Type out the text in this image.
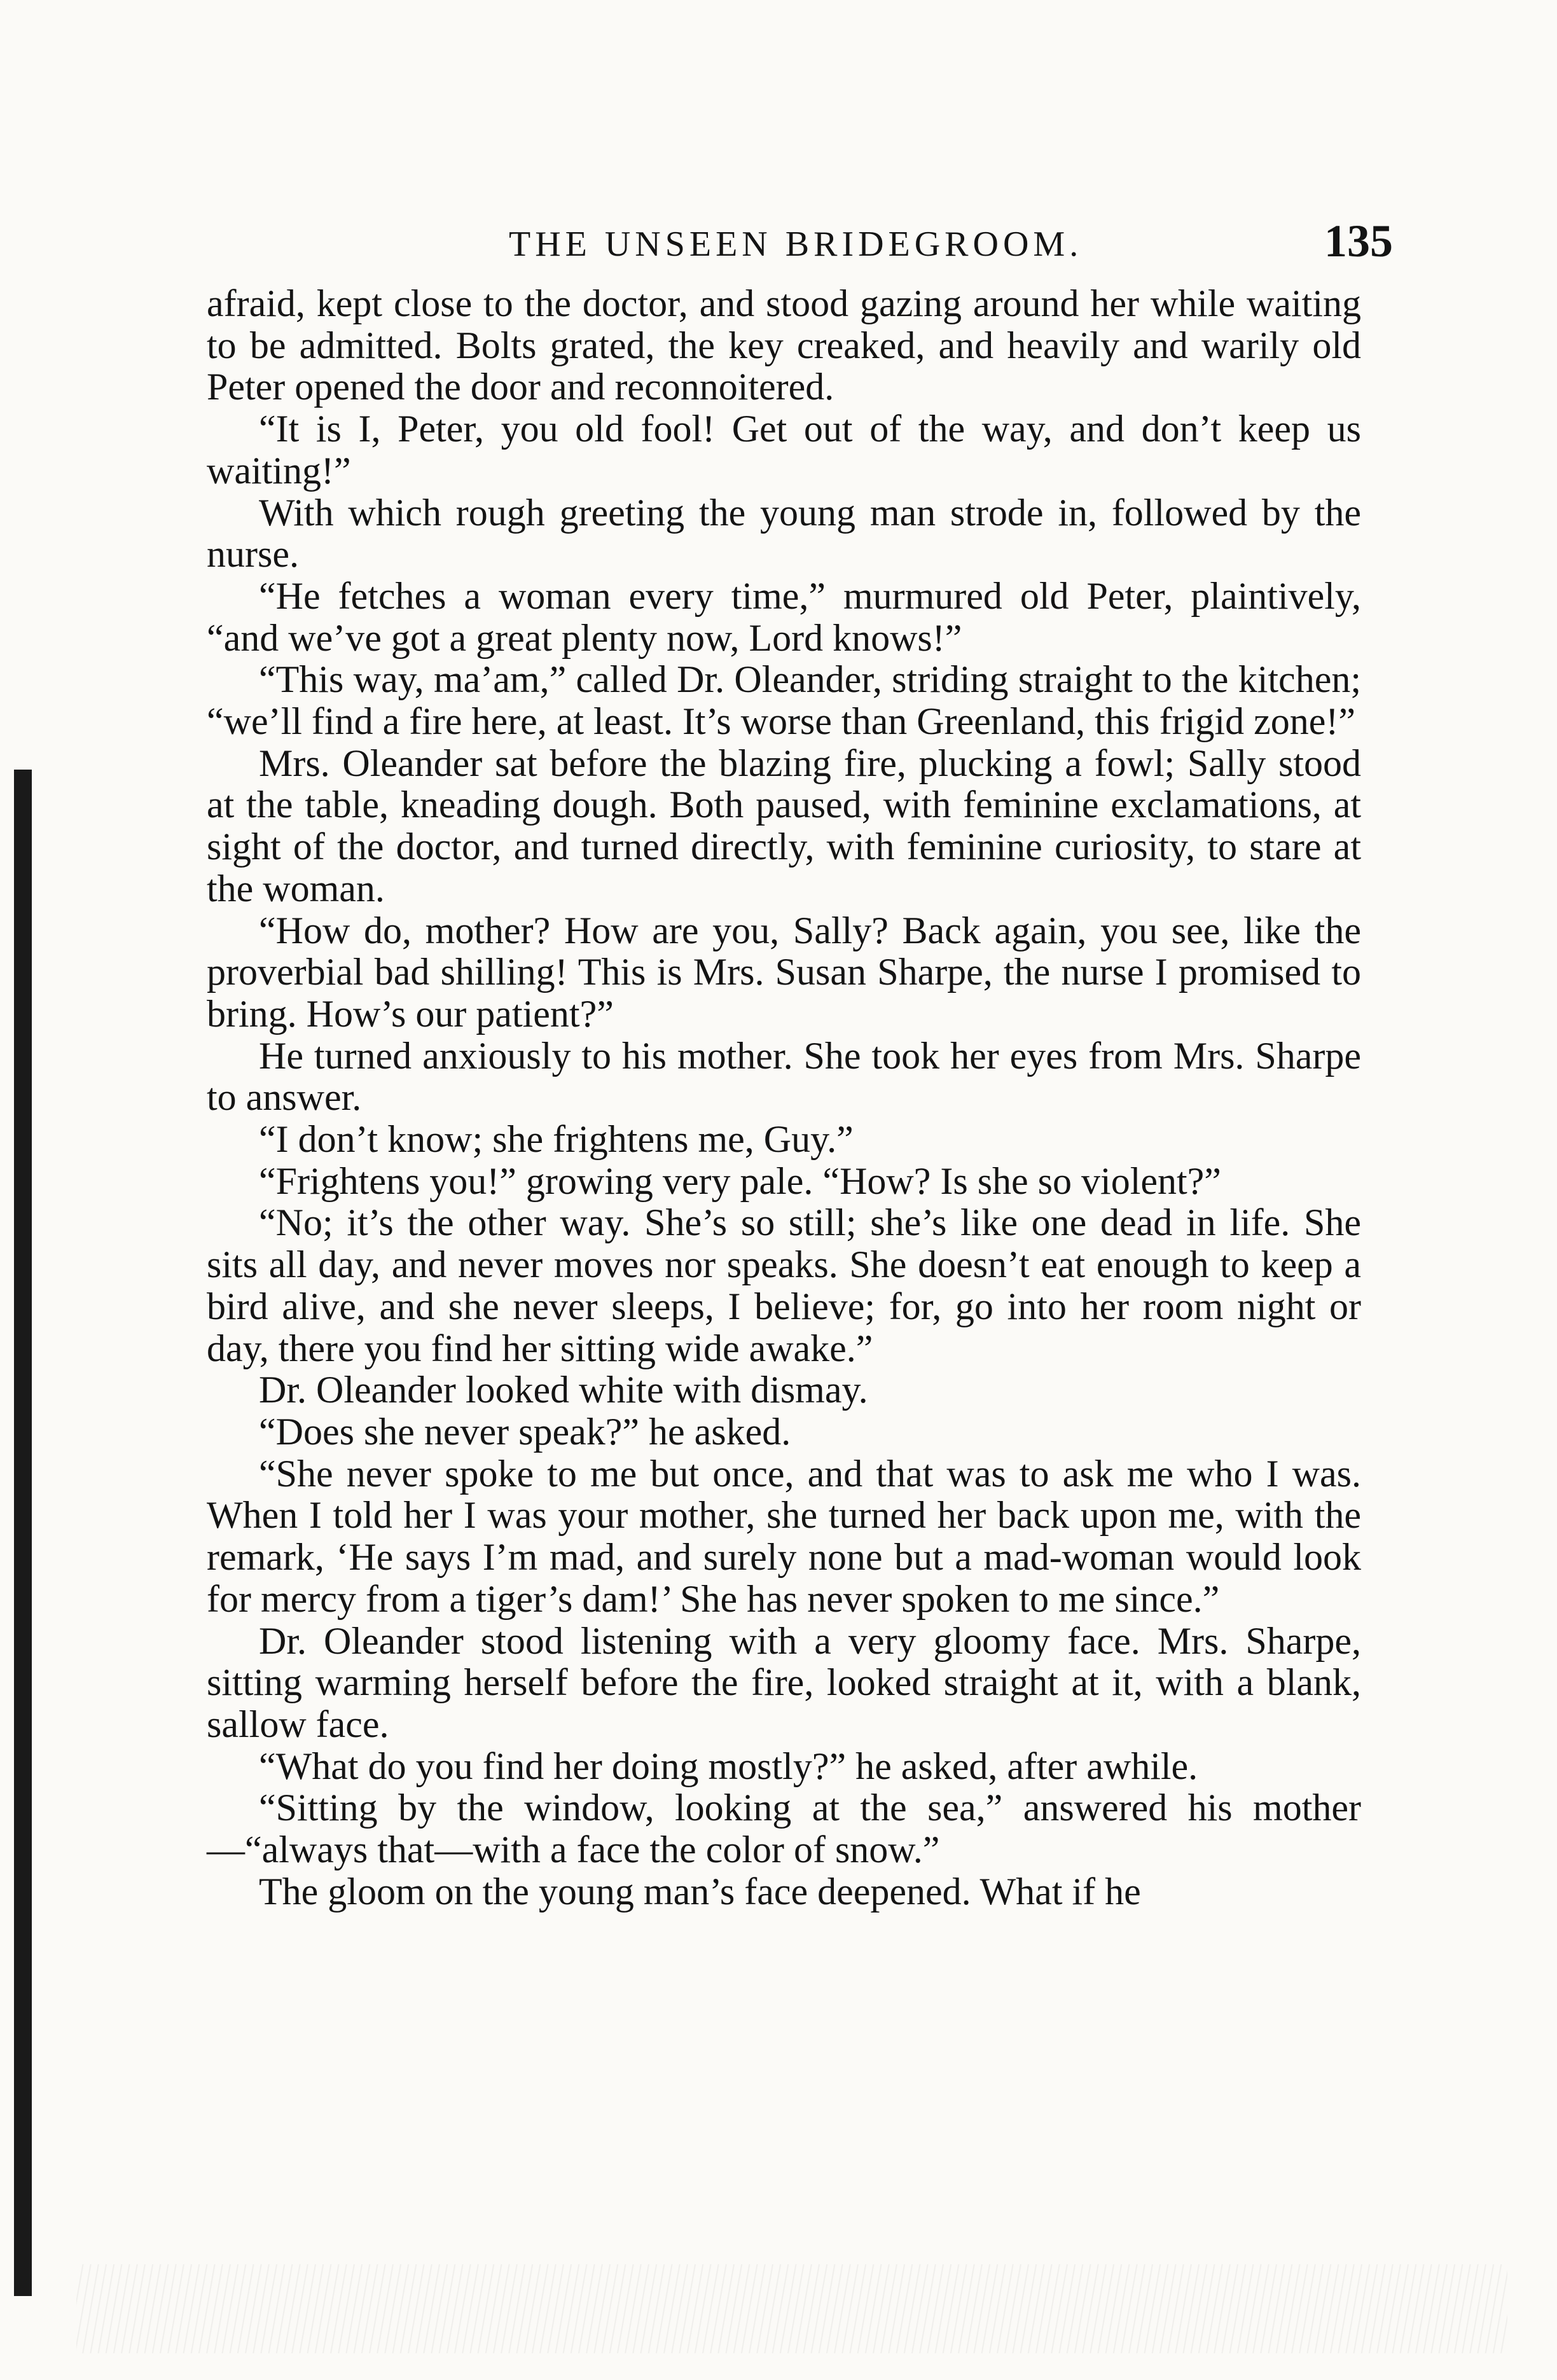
THE UNSEEN BRIDEGROOM.	135

afraid, kept close to the doctor, and stood gazing around her while waiting to be admitted. Bolts grated, the key creaked, and heavily and warily old Peter opened the door and reconnoitered.

“It is I, Peter, you old fool! Get out of the way, and don’t keep us waiting!”

With which rough greeting the young man strode in, followed by the nurse.

“He fetches a woman every time,” murmured old Peter, plaintively, “and we’ve got a great plenty now, Lord knows!”

“This way, ma’am,” called Dr. Oleander, striding straight to the kitchen; “we’ll find a fire here, at least. It’s worse than Greenland, this frigid zone!”

Mrs. Oleander sat before the blazing fire, plucking a fowl; Sally stood at the table, kneading dough. Both paused, with feminine exclamations, at sight of the doctor, and turned directly, with feminine curiosity, to stare at the woman.

“How do, mother? How are you, Sally? Back again, you see, like the proverbial bad shilling! This is Mrs. Susan Sharpe, the nurse I promised to bring. How’s our patient?”

He turned anxiously to his mother. She took her eyes from Mrs. Sharpe to answer.

“I don’t know; she frightens me, Guy.”

“Frightens you!” growing very pale. “How? Is she so violent?”

“No; it’s the other way. She’s so still; she’s like one dead in life. She sits all day, and never moves nor speaks. She doesn’t eat enough to keep a bird alive, and she never sleeps, I believe; for, go into her room night or day, there you find her sitting wide awake.”

Dr. Oleander looked white with dismay.

“Does she never speak?” he asked.

“She never spoke to me but once, and that was to ask me who I was. When I told her I was your mother, she turned her back upon me, with the remark, ‘He says I’m mad, and surely none but a mad-woman would look for mercy from a tiger’s dam!’ She has never spoken to me since.”

Dr. Oleander stood listening with a very gloomy face. Mrs. Sharpe, sitting warming herself before the fire, looked straight at it, with a blank, sallow face.

“What do you find her doing mostly?” he asked, after awhile.

“Sitting by the window, looking at the sea,” answered his mother—“always that—with a face the color of snow.”

The gloom on the young man’s face deepened. What if he
